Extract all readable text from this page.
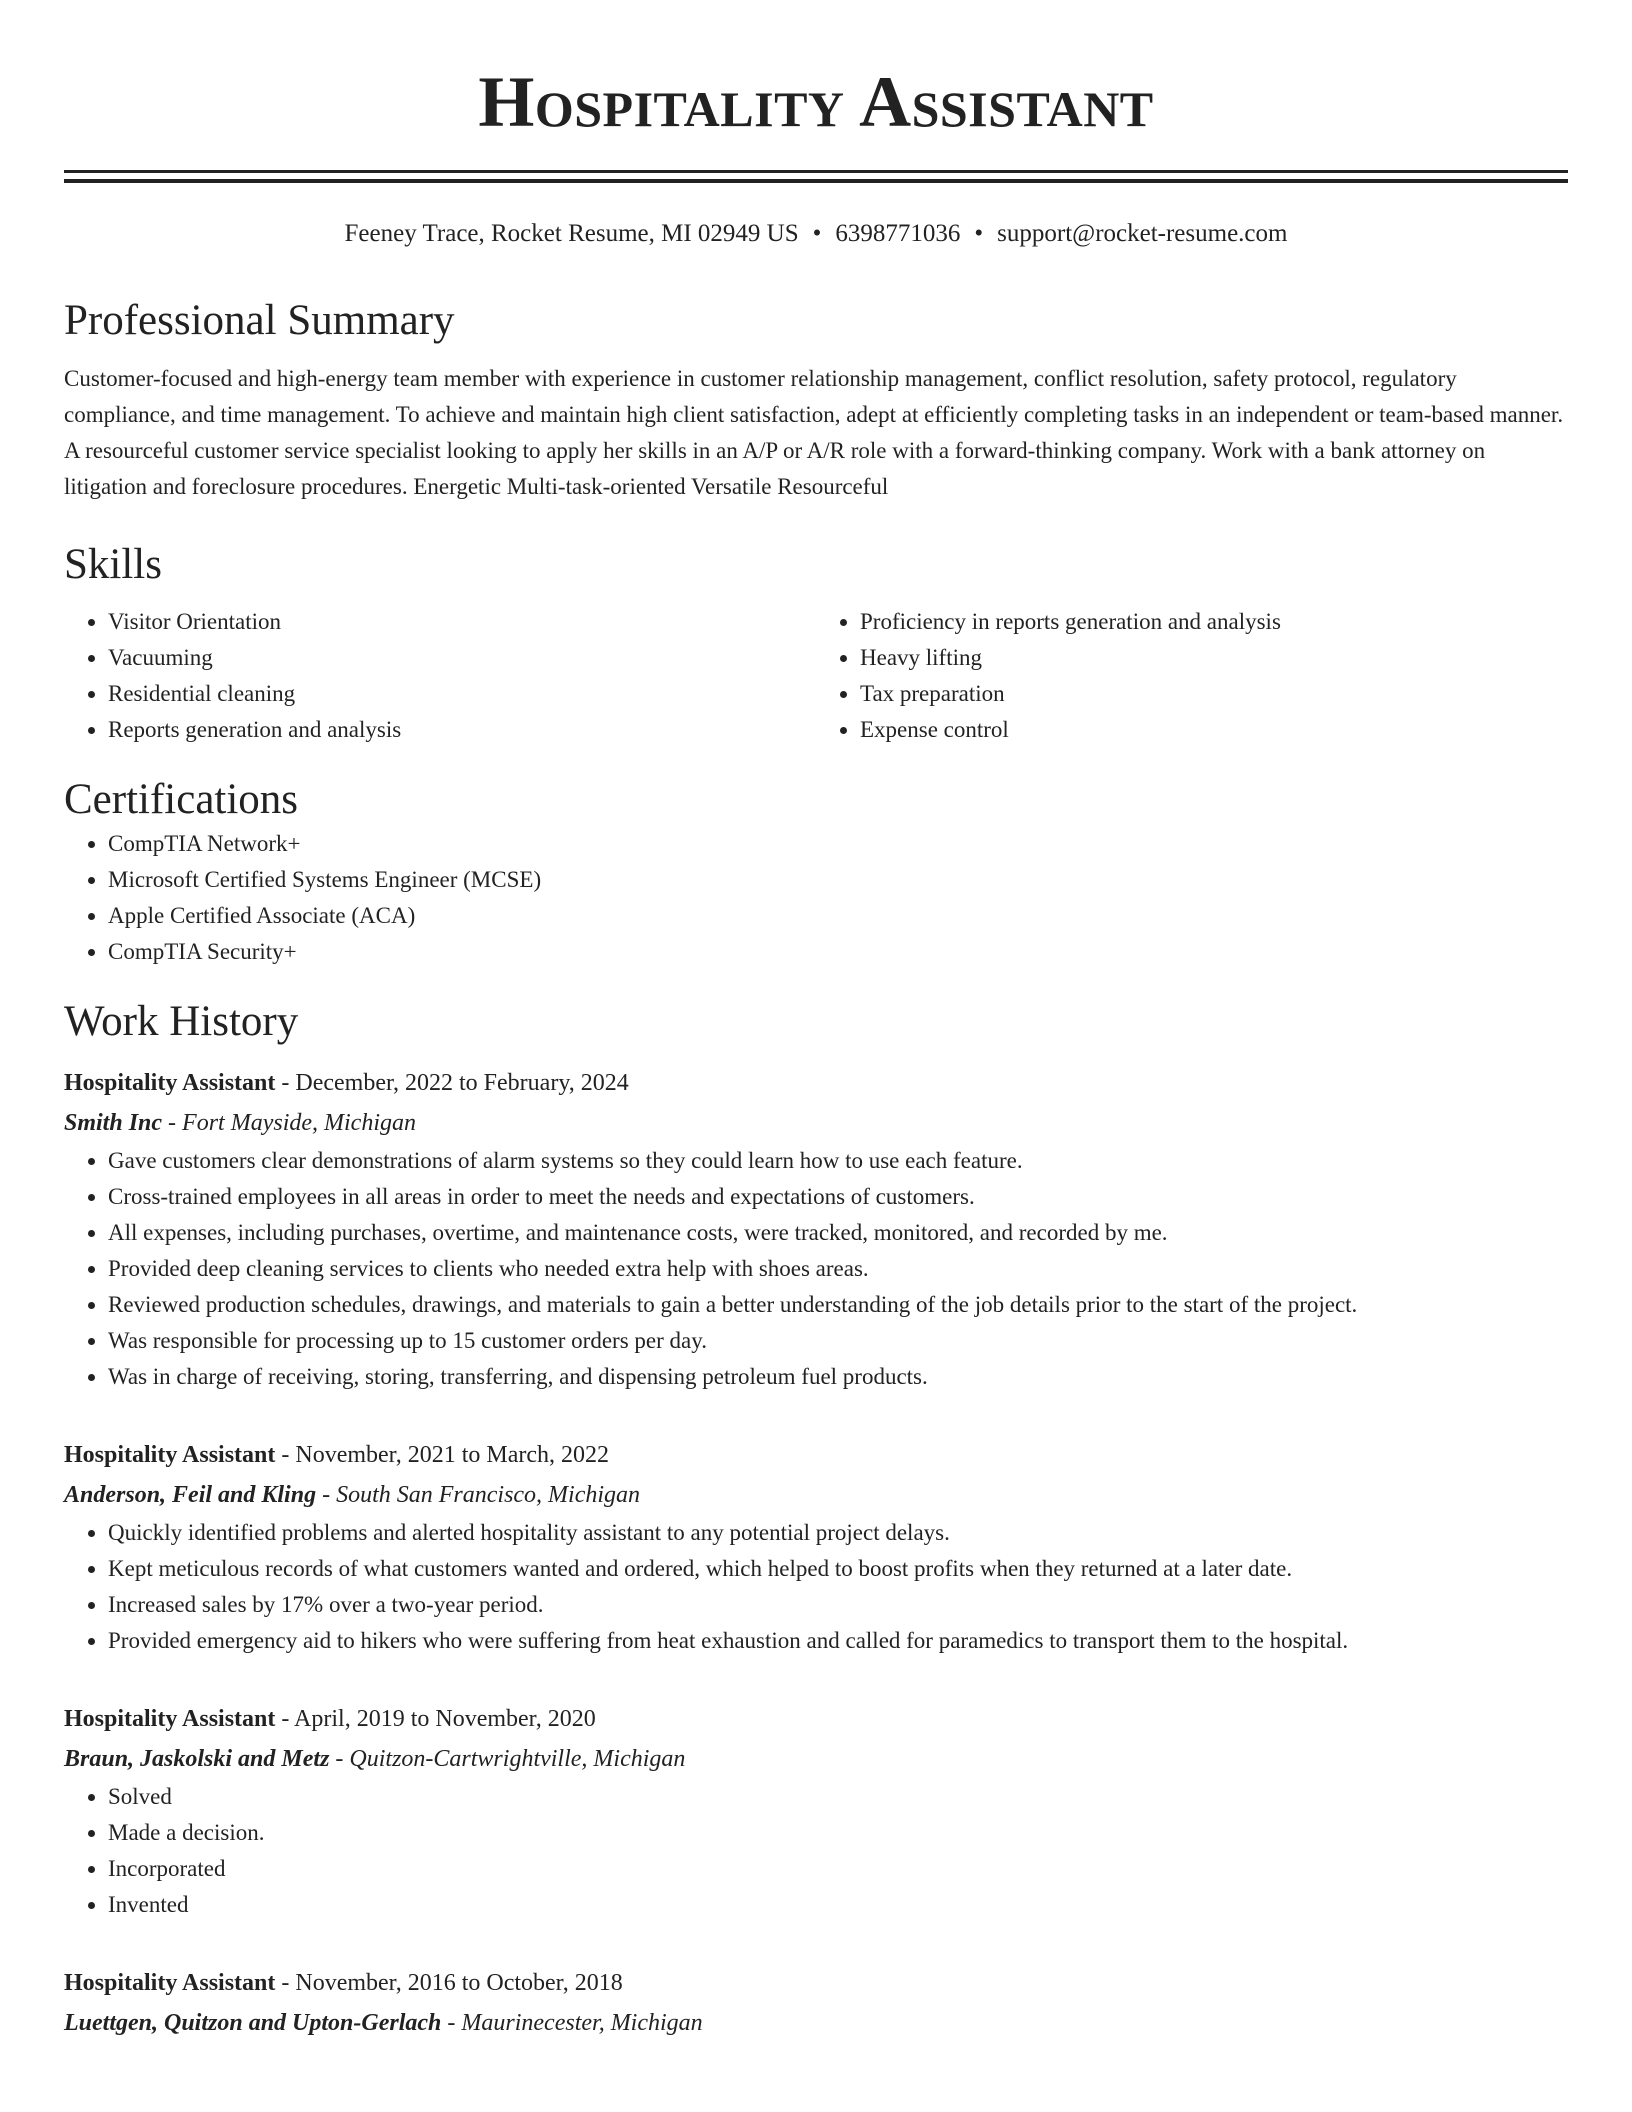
Hospitality Assistant
Feeney Trace, Rocket Resume, MI 02949 US • 6398771036 • support@rocket-resume.com
Professional Summary
Customer-focused and high-energy team member with experience in customer relationship management, conflict resolution, safety protocol, regulatory compliance, and time management. To achieve and maintain high client satisfaction, adept at efficiently completing tasks in an independent or team-based manner. A resourceful customer service specialist looking to apply her skills in an A/P or A/R role with a forward-thinking company. Work with a bank attorney on litigation and foreclosure procedures. Energetic Multi-task-oriented Versatile Resourceful
Skills
• Visitor Orientation
• Vacuuming
• Residential cleaning
• Reports generation and analysis
• Proficiency in reports generation and analysis
• Heavy lifting
• Tax preparation
• Expense control
Certifications
• CompTIA Network+
• Microsoft Certified Systems Engineer (MCSE)
• Apple Certified Associate (ACA)
• CompTIA Security+
Work History
Hospitality Assistant - December, 2022 to February, 2024
Smith Inc - Fort Mayside, Michigan
• Gave customers clear demonstrations of alarm systems so they could learn how to use each feature.
• Cross-trained employees in all areas in order to meet the needs and expectations of customers.
• All expenses, including purchases, overtime, and maintenance costs, were tracked, monitored, and recorded by me.
• Provided deep cleaning services to clients who needed extra help with shoes areas.
• Reviewed production schedules, drawings, and materials to gain a better understanding of the job details prior to the start of the project.
• Was responsible for processing up to 15 customer orders per day.
• Was in charge of receiving, storing, transferring, and dispensing petroleum fuel products.
Hospitality Assistant - November, 2021 to March, 2022
Anderson, Feil and Kling - South San Francisco, Michigan
• Quickly identified problems and alerted hospitality assistant to any potential project delays.
• Kept meticulous records of what customers wanted and ordered, which helped to boost profits when they returned at a later date.
• Increased sales by 17% over a two-year period.
• Provided emergency aid to hikers who were suffering from heat exhaustion and called for paramedics to transport them to the hospital.
Hospitality Assistant - April, 2019 to November, 2020
Braun, Jaskolski and Metz - Quitzon-Cartwrightville, Michigan
• Solved
• Made a decision.
• Incorporated
• Invented
Hospitality Assistant - November, 2016 to October, 2018
Luettgen, Quitzon and Upton-Gerlach - Maurinecester, Michigan
